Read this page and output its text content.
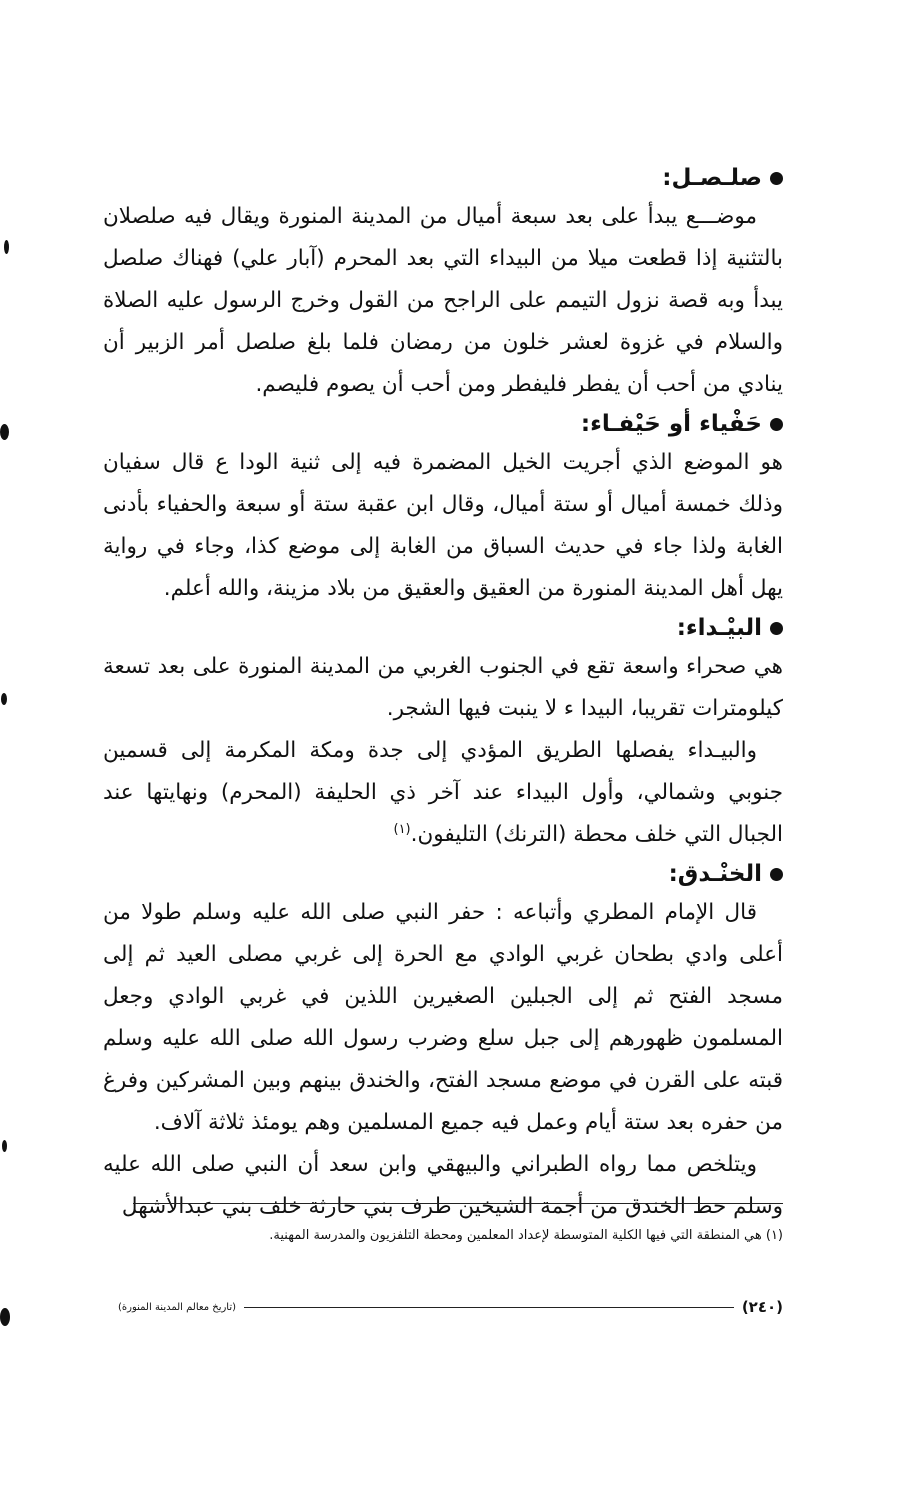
صلـصـل:

موضـــع يبدأ على بعد سبعة أميال من المدينة المنورة ويقال فيه صلصلان بالتثنية إذا قطعت ميلا من البيداء التي بعد المحرم (آبار علي) فهناك صلصل يبدأ وبه قصة نزول التيمم على الراجح من القول وخرج الرسول عليه الصلاة والسلام في غزوة لعشر خلون من رمضان فلما بلغ صلصل أمر الزبير أن ينادي من أحب أن يفطر فليفطر ومن أحب أن يصوم فليصم.

حَفْياء أو حَيْفـاء:

هو الموضع الذي أجريت الخيل المضمرة فيه إلى ثنية الودا ع قال سفيان وذلك خمسة أميال أو ستة أميال، وقال ابن عقبة ستة أو سبعة والحفياء بأدنى الغابة ولذا جاء في حديث السباق من الغابة إلى موضع كذا، وجاء في رواية يهل أهل المدينة المنورة من العقيق والعقيق من بلاد مزينة، والله أعلم.

البيْـداء:

هي صحراء واسعة تقع في الجنوب الغربي من المدينة المنورة على بعد تسعة كيلومترات تقريبا، البيدا ء لا ينبت فيها الشجر.

والبيـداء يفصلها الطريق المؤدي إلى جدة ومكة المكرمة إلى قسمين جنوبي وشمالي، وأول البيداء عند آخر ذي الحليفة (المحرم) ونهايتها عند الجبال التي خلف محطة (الترنك) التليفون.$^{(١)}$

الخنْـدق:

قال الإمام المطري وأتباعه : حفر النبي صلى الله عليه وسلم طولا من أعلى وادي بطحان غربي الوادي مع الحرة إلى غربي مصلى العيد ثم إلى مسجد الفتح ثم إلى الجبلين الصغيرين اللذين في غربي الوادي وجعل المسلمون ظهورهم إلى جبل سلع وضرب رسول الله صلى الله عليه وسلم قبته على القرن في موضع مسجد الفتح، والخندق بينهم وبين المشركين وفرغ من حفره بعد ستة أيام وعمل فيه جميع المسلمين وهم يومئذ ثلاثة آلاف.

ويتلخص مما رواه الطبراني والبيهقي وابن سعد أن النبي صلى الله عليه وسلم حط الخندق من أجمة الشيخين طرف بني حارثة خلف بني عبدالأشهل

(١) هي المنطقة التي فيها الكلية المتوسطة لإعداد المعلمين ومحطة التلفزيون والمدرسة المهنية.
(٢٤٠)
(تاريخ معالم المدينة المنورة)
